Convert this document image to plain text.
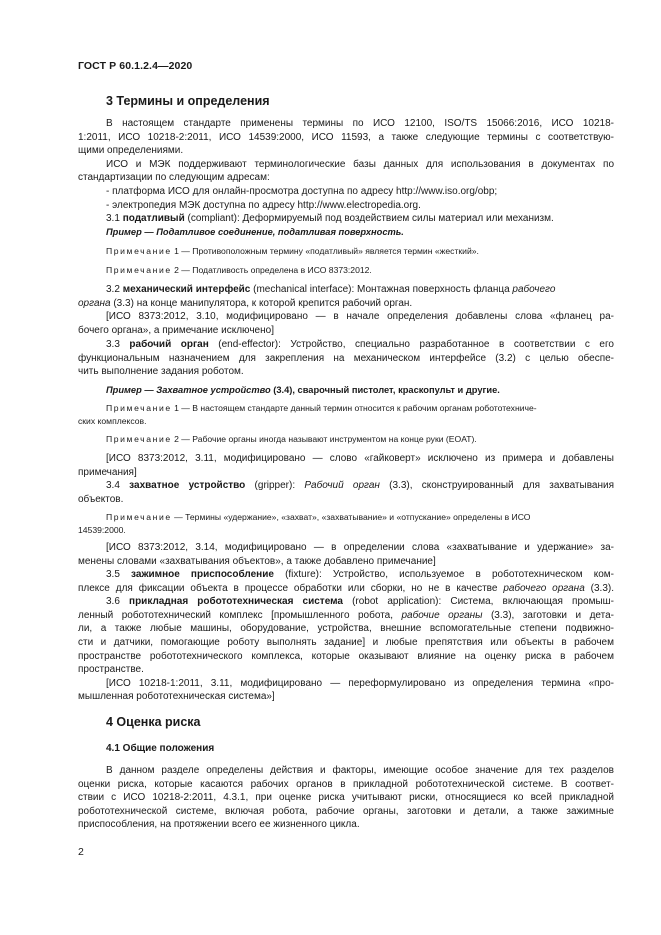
ГОСТ Р 60.1.2.4—2020
3 Термины и определения
В настоящем стандарте применены термины по ИСО 12100, ISO/TS 15066:2016, ИСО 10218-
1:2011, ИСО 10218-2:2011, ИСО 14539:2000, ИСО 11593, а также следующие термины с соответствую-
щими определениями.
ИСО и МЭК поддерживают терминологические базы данных для использования в документах по
стандартизации по следующим адресам:
- платформа ИСО для онлайн-просмотра доступна по адресу http://www.iso.org/obp;
- электропедия МЭК доступна по адресу http://www.electropedia.org.
3.1 податливый (compliant): Деформируемый под воздействием силы материал или механизм.
Пример — Податливое соединение, податливая поверхность.
Примечание 1 — Противоположным термину «податливый» является термин «жесткий».
Примечание 2 — Податливость определена в ИСО 8373:2012.
3.2 механический интерфейс (mechanical interface): Монтажная поверхность фланца рабочего
органа (3.3) на конце манипулятора, к которой крепится рабочий орган.
[ИСО 8373:2012, 3.10, модифицировано — в начале определения добавлены слова «фланец ра-
бочего органа», а примечание исключено]
3.3 рабочий орган (end-effector): Устройство, специально разработанное в соответствии с его
функциональным назначением для закрепления на механическом интерфейсе (3.2) с целью обеспе-
чить выполнение задания роботом.
Пример — Захватное устройство (3.4), сварочный пистолет, краскопульт и другие.
Примечание 1 — В настоящем стандарте данный термин относится к рабочим органам робототехниче-
ских комплексов.
Примечание 2 — Рабочие органы иногда называют инструментом на конце руки (EOAT).
[ИСО 8373:2012, 3.11, модифицировано — слово «гайковерт» исключено из примера и добавлены
примечания]
3.4 захватное устройство (gripper): Рабочий орган (3.3), сконструированный для захватывания
объектов.
Примечание — Термины «удержание», «захват», «захватывание» и «отпускание» определены в ИСО
14539:2000.
[ИСО 8373:2012, 3.14, модифицировано — в определении слова «захватывание и удержание» за-
менены словами «захватывания объектов», а также добавлено примечание]
3.5 зажимное приспособление (fixture): Устройство, используемое в робототехническом ком-
плексе для фиксации объекта в процессе обработки или сборки, но не в качестве рабочего органа (3.3).
3.6 прикладная робототехническая система (robot application): Система, включающая промыш-
ленный робототехнический комплекс [промышленного робота, рабочие органы (3.3), заготовки и дета-
ли, а также любые машины, оборудование, устройства, внешние вспомогательные степени подвижно-
сти и датчики, помогающие роботу выполнять задание] и любые препятствия или объекты в рабочем
пространстве робототехнического комплекса, которые оказывают влияние на оценку риска в рабочем
пространстве.
[ИСО 10218-1:2011, 3.11, модифицировано — переформулировано из определения термина «про-
мышленная робототехническая система»]
4 Оценка риска
4.1 Общие положения
В данном разделе определены действия и факторы, имеющие особое значение для тех разделов
оценки риска, которые касаются рабочих органов в прикладной робототехнической системе. В соответ-
ствии с ИСО 10218-2:2011, 4.3.1, при оценке риска учитывают риски, относящиеся ко всей прикладной
робототехнической системе, включая робота, рабочие органы, заготовки и детали, а также зажимные
приспособления, на протяжении всего ее жизненного цикла.
2
